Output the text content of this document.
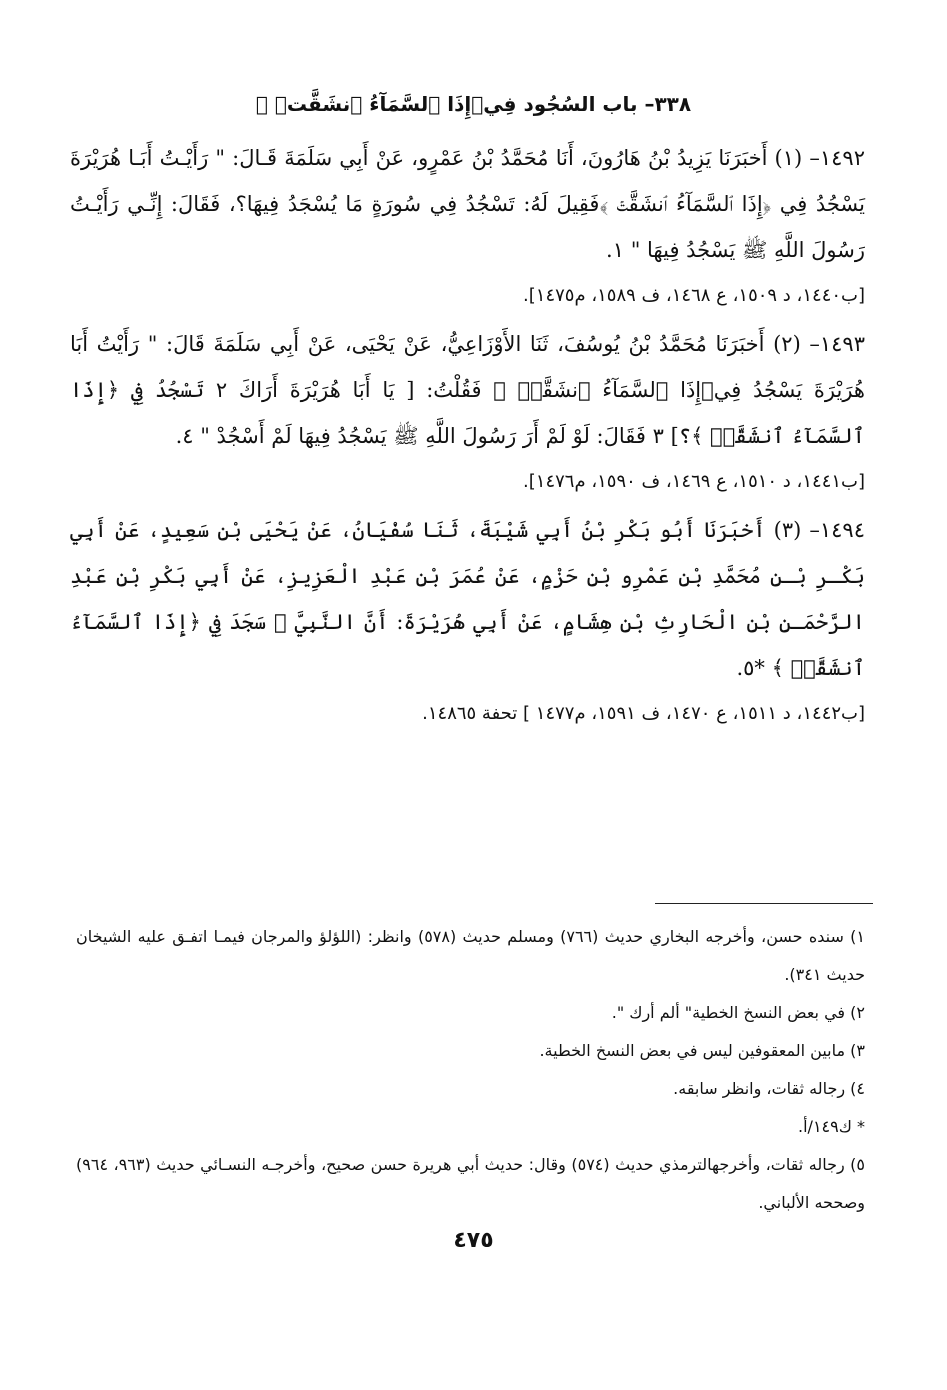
٣٣٨– باب السُجُود فِي﴿إِذَا ٱلسَّمَآءُ ٱنشَقَّتۡ ﴾

١٤٩٢– (١) أَخبَرَنَا يَزِيدُ بْنُ هَارُونَ، أَنَا مُحَمَّدُ بْنُ عَمْرٍو، عَنْ أَبِي سَلَمَةَ قَـالَ: " رَأَيْـتُ أَبَـا هُرَيْرَةَ يَسْجُدُ فِي ﴿إِذَا ٱلسَّمَآءُ ٱنشَقَّتۡ ﴾فَقِيلَ لَهُ: تَسْجُدُ فِي سُورَةٍ مَا يُسْجَدُ فِيهَا؟، فَقَالَ: إِنِّـي رَأَيْـتُ رَسُولَ اللَّهِ ﷺ يَسْجُدُ فِيهَا " ١.

[ب١٤٤٠، د ١٥٠٩، ع ١٤٦٨، ف ١٥٨٩، م١٤٧٥].

١٤٩٣– (٢) أَخبَرَنَا مُحَمَّدُ بْنُ يُوسُفَ، ثَنَا الأَوْزَاعِيُّ، عَنْ يَحْيَى، عَنْ أَبِي سَلَمَةَ قَالَ: " رَأَيْتُ أَبَا هُرَيْرَةَ يَسْجُدُ فِي﴿إِذَا ٱلسَّمَآءُ ٱنشَقَّتۡ ﴾ فَقُلْتُ: [ يَا أَبَا هُرَيْرَةَ أَرَاكَ ٢ تَسْجُدُ فِي ﴿إِذَا ٱلسَّمَآءُ ٱنشَقَّتۡ ﴾؟] ٣ فَقَالَ: لَوْ لَمْ أَرَ رَسُولَ اللَّهِ ﷺ يَسْجُدُ فِيهَا لَمْ أَسْجُدْ " ٤.

[ب١٤٤١، د ١٥١٠، ع ١٤٦٩، ف ١٥٩٠، م١٤٧٦].

١٤٩٤– (٣) أَخبَرَنَا أَبُو بَكْرِ بْنُ أَبِي شَيْبَةَ، ثَنَا سُفْيَانُ، عَنْ يَحْيَى بْنِ سَعِيدٍ، عَنْ أَبِي بَكْـرِ بْـنِ مُحَمَّدِ بْنِ عَمْرِو بْنِ حَزْمٍ، عَنْ عُمَرَ بْنِ عَبْدِ الْعَزِيزِ، عَنْ أَبِي بَكْرِ بْنِ عَبْدِ الرَّحْمَـنِ بْنِ الْحَارِثِ بْنِ هِشَامٍ، عَنْ أَبِي هُرَيْرَةَ: أَنَّ النَّبِيَّ ﷺ سَجَدَ فِي ﴿إِذَا ٱلسَّمَآءُ ٱنشَقَّتۡ ﴾ *٥.

[ب١٤٤٢، د ١٥١١، ع ١٤٧٠، ف ١٥٩١، م١٤٧٧ ] تحفة ١٤٨٦٥.

١) سنده حسن، وأخرجه البخاري حديث (٧٦٦) ومسلم حديث (٥٧٨) وانظر: (اللؤلؤ والمرجان فيمـا اتفـق عليه الشيخان حديث ٣٤١).

٢) في بعض النسخ الخطية" ألم أرك ".

٣) مابين المعقوفين ليس في بعض النسخ الخطية.

٤) رجاله ثقات، وانظر سابقه.

* ك١٤٩/أ.

٥) رجاله ثقات، وأخرجهالترمذي حديث (٥٧٤) وقال: حديث أبي هريرة حسن صحيح، وأخرجـه النسـائي حديث (٩٦٣، ٩٦٤) وصححه الألباني.

٤٧٥
